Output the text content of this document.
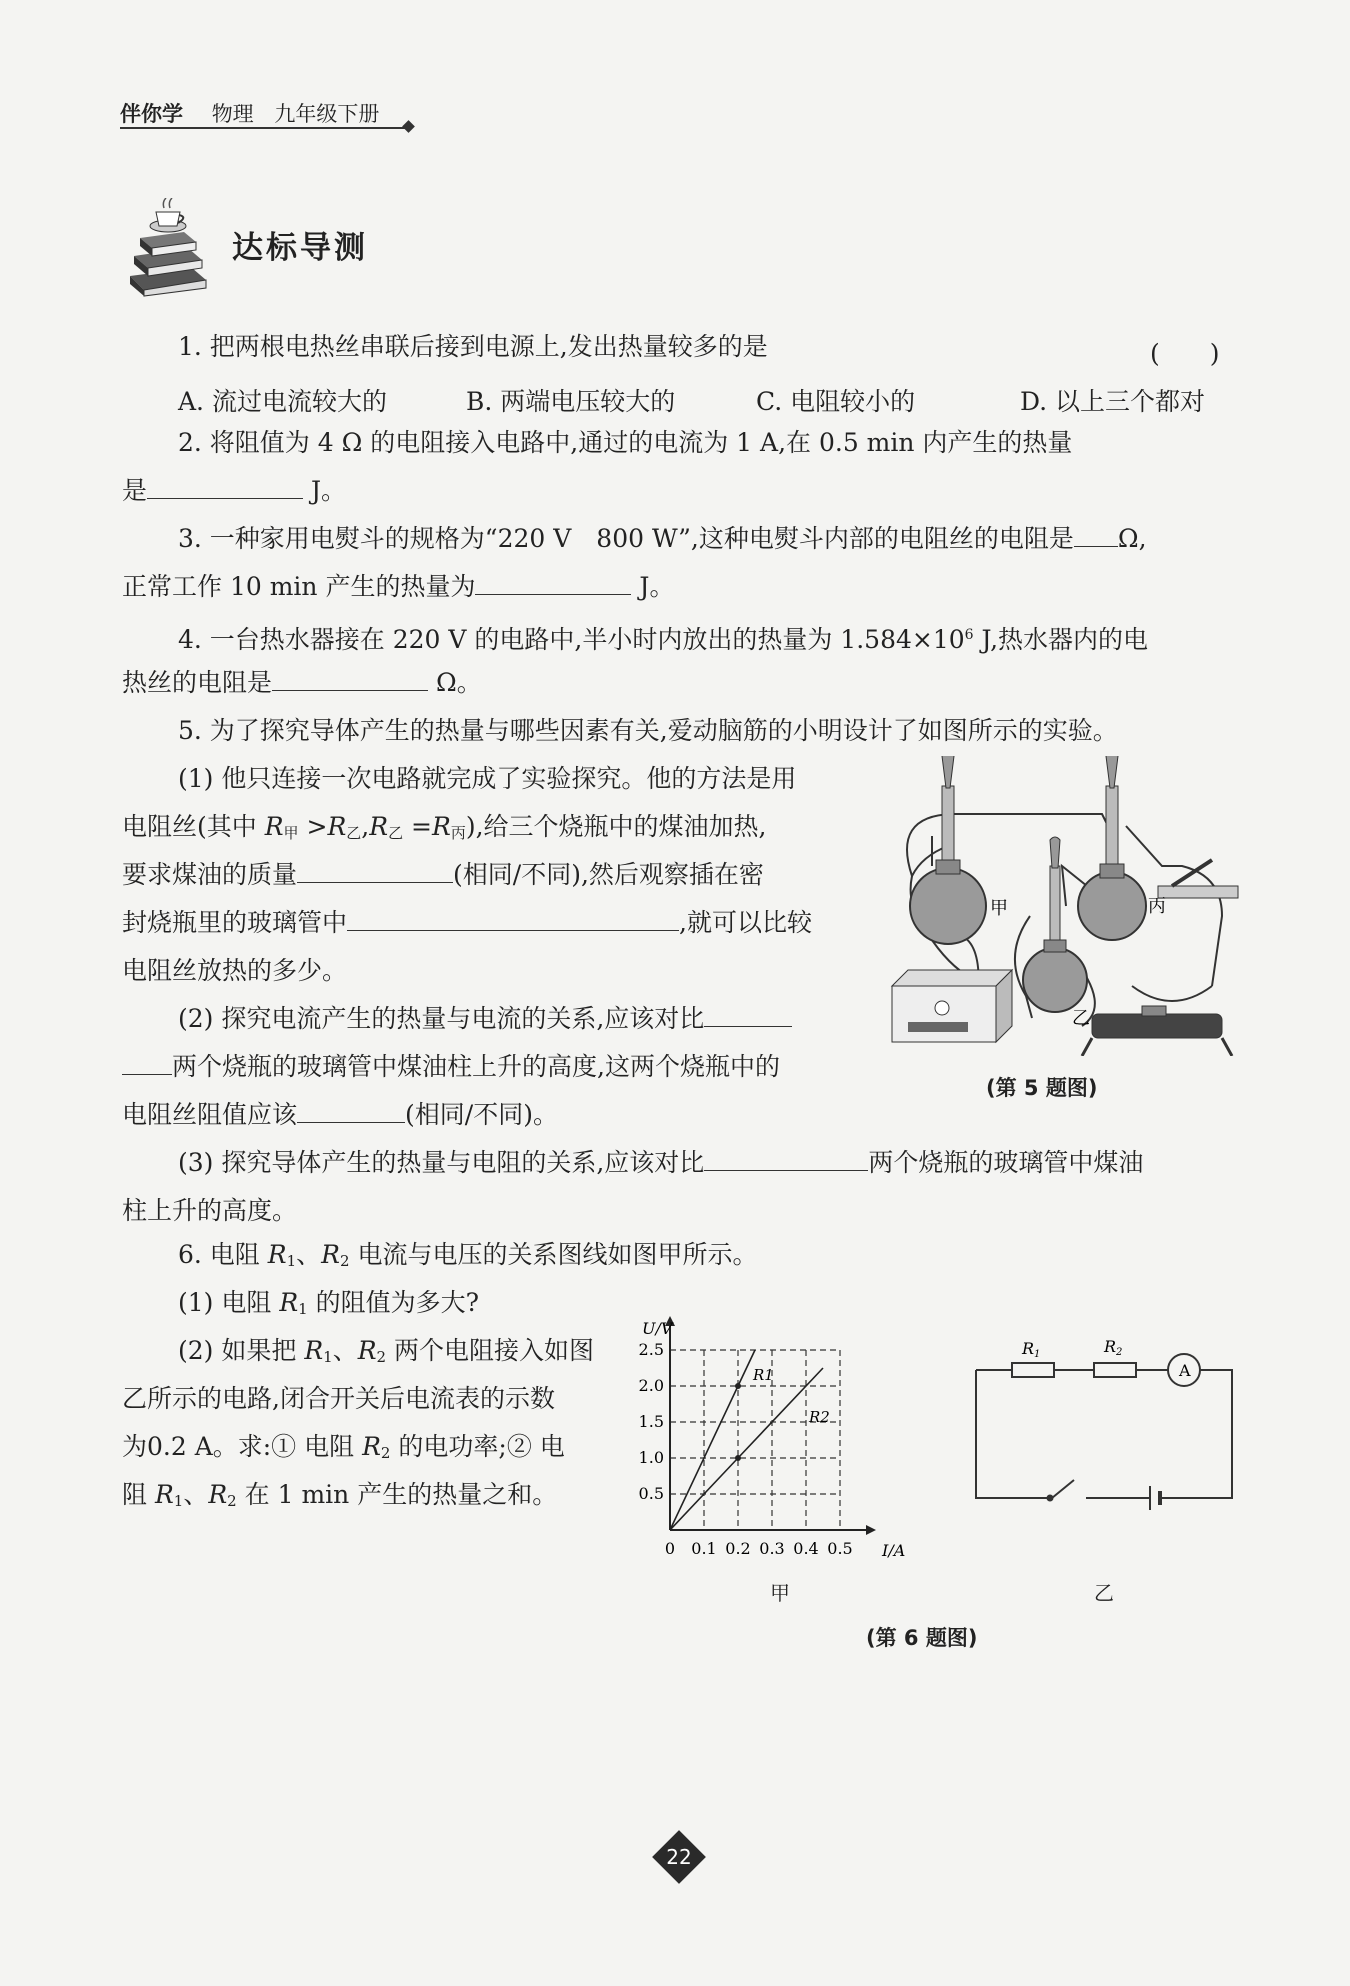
伴你学 物理 九年级下册
达标导测
1. 把两根电热丝串联后接到电源上,发出热量较多的是	(　　)
A. 流过电流较大的	B. 两端电压较大的	C. 电阻较小的	D. 以上三个都对
2. 将阻值为 4 Ω 的电阻接入电路中,通过的电流为 1 A,在 0.5 min 内产生的热量
是	J。
3. 一种家用电熨斗的规格为“220 V　800 W”,这种电熨斗内部的电阻丝的电阻是 Ω,
正常工作 10 min 产生的热量为	J。
4. 一台热水器接在 220 V 的电路中,半小时内放出的热量为 $1.584\times 10^6$ J,热水器内的电
热丝的电阻是	Ω。
5. 为了探究导体产生的热量与哪些因素有关,爱动脑筋的小明设计了如图所示的实验。
(1) 他只连接一次电路就完成了实验探究。他的方法是用
电阻丝(其中 $R_甲 >R_乙,R_乙 =R_丙$),给三个烧瓶中的煤油加热,
要求煤油的质量	(相同/不同),然后观察插在密
封烧瓶里的玻璃管中	,就可以比较
电阻丝放热的多少。
(2) 探究电流产生的热量与电流的关系,应该对比
两个烧瓶的玻璃管中煤油柱上升的高度,这两个烧瓶中的
电阻丝阻值应该	(相同/不同)。
(3) 探究导体产生的热量与电阻的关系,应该对比	两个烧瓶的玻璃管中煤油
柱上升的高度。
甲
乙
丙
(第 5 题图)
6. 电阻 $R_1$、$R_2$ 电流与电压的关系图线如图甲所示。
(1) 电阻 $R_1$ 的阻值为多大?
(2) 如果把 $R_1$、$R_2$ 两个电阻接入如图
乙所示的电路,闭合开关后电流表的示数
为0.2 A。求:① 电阻 $R_2$ 的电功率;② 电
阻 $R_1$、$R_2$ 在 1 min 产生的热量之和。
I/A
U/V
0 0.1 0.2 0.3 0.4 0.5
0.5
1.0
1.5
2.0
2.5
R1
R2
甲
R1	R2
A
乙
(第 6 题图)
22
